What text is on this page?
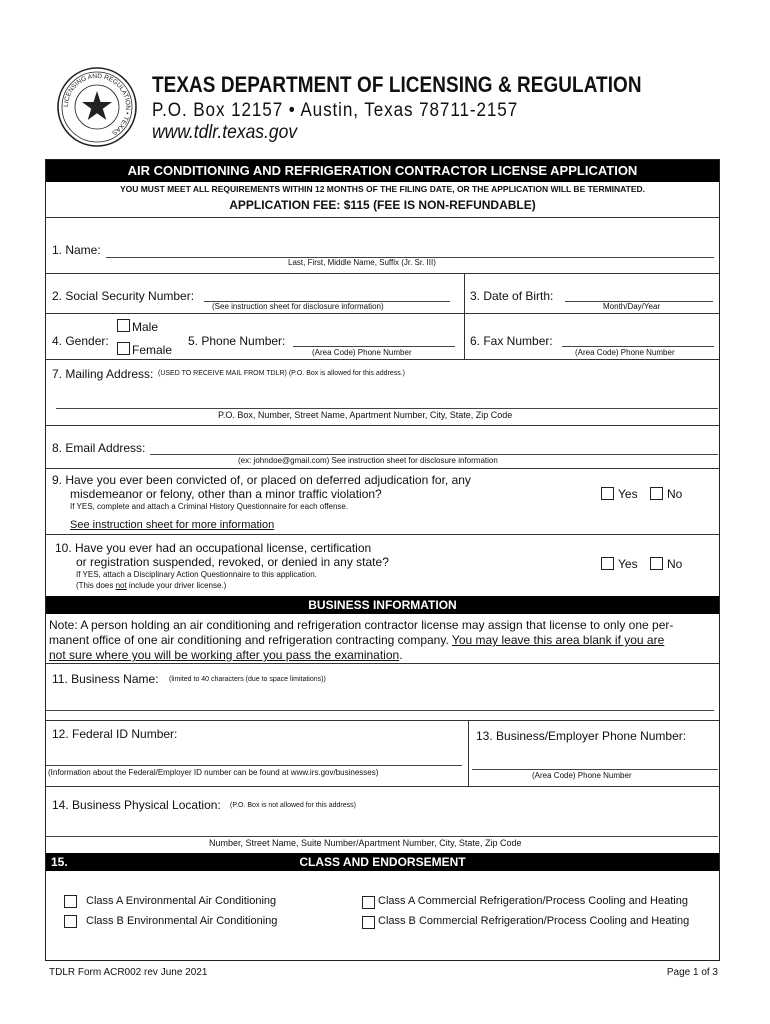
LICENSING AND REGULATION • TEXAS
TEXAS DEPARTMENT OF LICENSING & REGULATION
P.O. Box 12157 • Austin, Texas 78711-2157
www.tdlr.texas.gov
AIR CONDITIONING AND REFRIGERATION CONTRACTOR LICENSE APPLICATION
YOU MUST MEET ALL REQUIREMENTS WITHIN 12 MONTHS OF THE FILING DATE, OR THE APPLICATION WILL BE TERMINATED.
APPLICATION FEE: $115 (FEE IS NON-REFUNDABLE)
1. Name:
Last, First, Middle Name, Suffix (Jr. Sr. III)
2. Social Security Number:
(See instruction sheet for disclosure information)
3. Date of Birth:
Month/Day/Year
4. Gender:
Male
Female
5. Phone Number:
(Area Code) Phone Number
6. Fax Number:
(Area Code) Phone Number
7. Mailing Address: (USED TO RECEIVE MAIL FROM TDLR) (P.O. Box is allowed for this address.)
P.O. Box, Number, Street Name, Apartment Number, City, State, Zip Code
8. Email Address:
(ex: johndoe@gmail.com) See instruction sheet for disclosure information
9. Have you ever been convicted of, or placed on deferred adjudication for, any
misdemeanor or felony, other than a minor traffic violation?
If YES, complete and attach a Criminal History Questionnaire for each offense.
See instruction sheet for more information
Yes No
10. Have you ever had an occupational license, certification
or registration suspended, revoked, or denied in any state?
If YES, attach a Disciplinary Action Questionnaire to this application.
(This does not include your driver license.)
Yes No
BUSINESS INFORMATION
Note: A person holding an air conditioning and refrigeration contractor license may assign that license to only one per-
manent office of one air conditioning and refrigeration contracting company. You may leave this area blank if you are
not sure where you will be working after you pass the examination.
11. Business Name: (limited to 40 characters (due to space limitations))
12. Federal ID Number:
(Information about the Federal/Employer ID number can be found at www.irs.gov/businesses)
13. Business/Employer Phone Number:
(Area Code) Phone Number
14. Business Physical Location: (P.O. Box is not allowed for this address)
Number, Street Name, Suite Number/Apartment Number, City, State, Zip Code
15.	CLASS AND ENDORSEMENT
Class A Environmental Air Conditioning
Class B Environmental Air Conditioning
Class A Commercial Refrigeration/Process Cooling and Heating
Class B Commercial Refrigeration/Process Cooling and Heating
TDLR Form ACR002 rev June 2021	Page 1 of 3
